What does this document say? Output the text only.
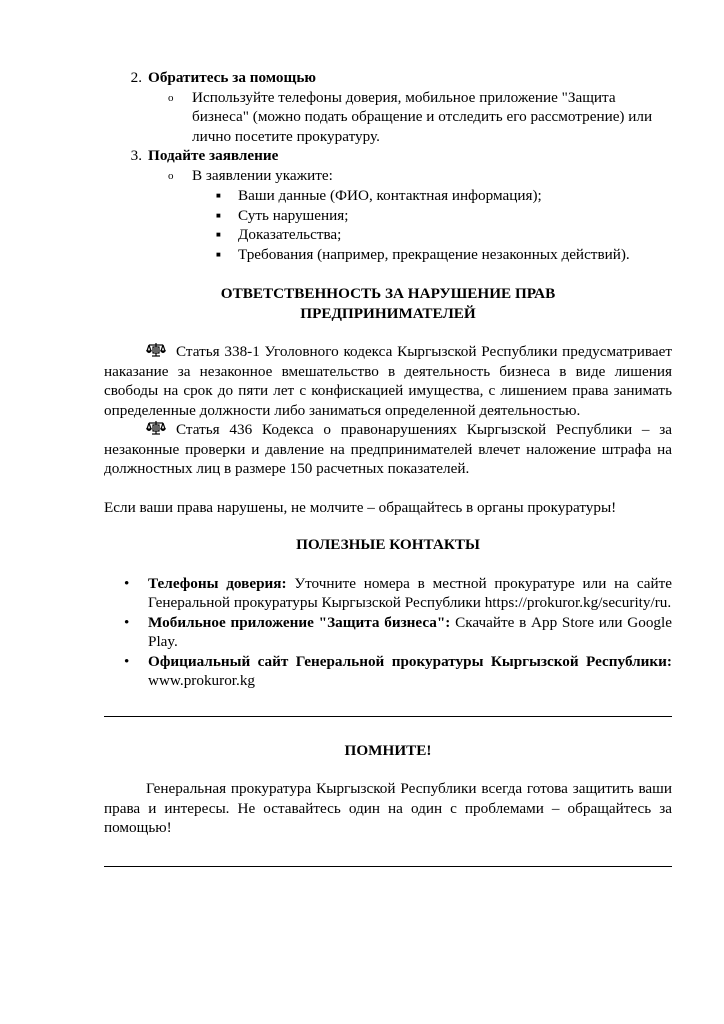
2. Обратитесь за помощью
o	Используйте телефоны доверия, мобильное приложение "Защита бизнеса" (можно подать обращение и отследить его рассмотрение) или лично посетите прокуратуру.
3. Подайте заявление
o	В заявлении укажите:
■	Ваши данные (ФИО, контактная информация);
■	Суть нарушения;
■	Доказательства;
■	Требования (например, прекращение незаконных действий).
ОТВЕТСТВЕННОСТЬ ЗА НАРУШЕНИЕ ПРАВ
ПРЕДПРИНИМАТЕЛЕЙ

Статья 338-1 Уголовного кодекса Кыргызской Республики предусматривает наказание за незаконное вмешательство в деятельность бизнеса в виде лишения свободы на срок до пяти лет с конфискацией имущества, с лишением права занимать определенные должности либо заниматься определенной деятельностью.

Статья 436 Кодекса о правонарушениях Кыргызской Республики – за незаконные проверки и давление на предпринимателей влечет наложение штрафа на должностных лиц в размере 150 расчетных показателей.

Если ваши права нарушены, не молчите – обращайтесь в органы прокуратуры!

ПОЛЕЗНЫЕ КОНТАКТЫ
•	Телефоны доверия: Уточните номера в местной прокуратуре или на сайте Генеральной прокуратуры Кыргызской Республики https://prokuror.kg/security/ru.
•	Мобильное приложение "Защита бизнеса": Скачайте в App Store или Google Play.
•	Официальный сайт Генеральной прокуратуры Кыргызской Республики: www.prokuror.kg
ПОМНИТЕ!

Генеральная прокуратура Кыргызской Республики всегда готова защитить ваши права и интересы. Не оставайтесь один на один с проблемами – обращайтесь за помощью!
